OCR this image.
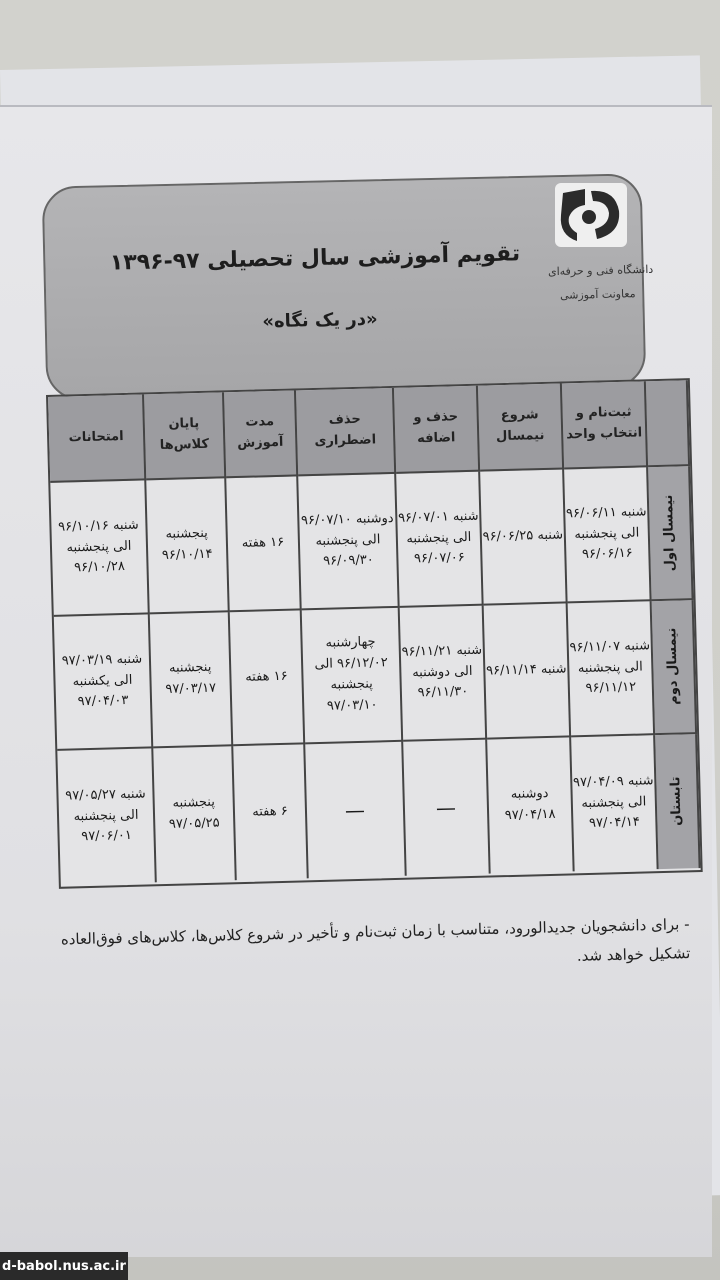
تقویم آموزشی سال تحصیلی ۹۷-۱۳۹۶
«در یک نگاه»
دانشگاه فنی و حرفه‌ای
معاونت آموزشی
ثبت‌نام و انتخاب واحد
شروع نیمسال
حذف و اضافه
حذف اضطراری
مدت آموزش
پایان کلاس‌ها
امتحانات
نیمسال اول
شنبه ۹۶/۰۶/۱۱ الی پنجشنبه ۹۶/۰۶/۱۶
شنبه ۹۶/۰۶/۲۵
شنبه ۹۶/۰۷/۰۱ الی پنجشنبه ۹۶/۰۷/۰۶
دوشنبه ۹۶/۰۷/۱۰ الی پنجشنبه ۹۶/۰۹/۳۰
۱۶ هفته
پنجشنبه ۹۶/۱۰/۱۴
شنبه ۹۶/۱۰/۱۶ الی پنجشنبه ۹۶/۱۰/۲۸
نیمسال دوم
شنبه ۹۶/۱۱/۰۷ الی پنجشنبه ۹۶/۱۱/۱۲
شنبه ۹۶/۱۱/۱۴
شنبه ۹۶/۱۱/۲۱ الی دوشنبه ۹۶/۱۱/۳۰
چهارشنبه ۹۶/۱۲/۰۲ الی پنجشنبه ۹۷/۰۳/۱۰
۱۶ هفته
پنجشنبه ۹۷/۰۳/۱۷
شنبه ۹۷/۰۳/۱۹ الی یکشنبه ۹۷/۰۴/۰۳
تابستان
شنبه ۹۷/۰۴/۰۹ الی پنجشنبه ۹۷/۰۴/۱۴
دوشنبه ۹۷/۰۴/۱۸
—
—
۶ هفته
پنجشنبه ۹۷/۰۵/۲۵
شنبه ۹۷/۰۵/۲۷ الی پنجشنبه ۹۷/۰۶/۰۱
- برای دانشجویان جدیدالورود، متناسب با زمان ثبت‌نام و تأخیر در شروع کلاس‌ها، کلاس‌های فوق‌العاده تشکیل خواهد شد.
d-babol.nus.ac.ir
